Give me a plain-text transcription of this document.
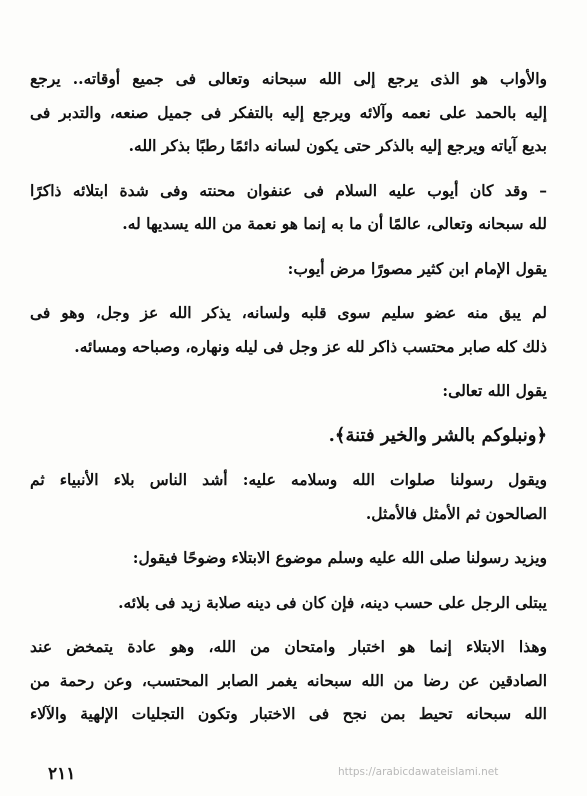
والأواب هو الذى يرجع إلى الله سبحانه وتعالى فى جميع أوقاته.. يرجع
إليه بالحمد على نعمه وآلائه ويرجع إليه بالتفكر فى جميل صنعه، والتدبر فى
بديع آياته ويرجع إليه بالذكر حتى يكون لسانه دائمًا رطبًا بذكر الله.

– وقد كان أيوب عليه السلام فى عنفوان محنته وفى شدة ابتلائه ذاكرًا
لله سبحانه وتعالى، عالمًا أن ما به إنما هو نعمة من الله يسديها له.

يقول الإمام ابن كثير مصورًا مرض أيوب:

لم يبق منه عضو سليم سوى قلبه ولسانه، يذكر الله عز وجل، وهو فى
ذلك كله صابر محتسب ذاكر لله عز وجل فى ليله ونهاره، وصباحه ومسائه.

يقول الله تعالى:

﴿ونبلوكم بالشر والخير فتنة﴾.

ويقول رسولنا صلوات الله وسلامه عليه: أشد الناس بلاء الأنبياء ثم
الصالحون ثم الأمثل فالأمثل.

ويزيد رسولنا صلى الله عليه وسلم موضوع الابتلاء وضوحًا فيقول:

يبتلى الرجل على حسب دينه، فإن كان فى دينه صلابة زيد فى بلائه.

وهذا الابتلاء إنما هو اختبار وامتحان من الله، وهو عادة يتمخض عند
الصادقين عن رضا من الله سبحانه يغمر الصابر المحتسب، وعن رحمة من
الله سبحانه تحيط بمن نجح فى الاختبار وتكون التجليات الإلهية والآلاء

٢١١	https://arabicdawateislami.net
